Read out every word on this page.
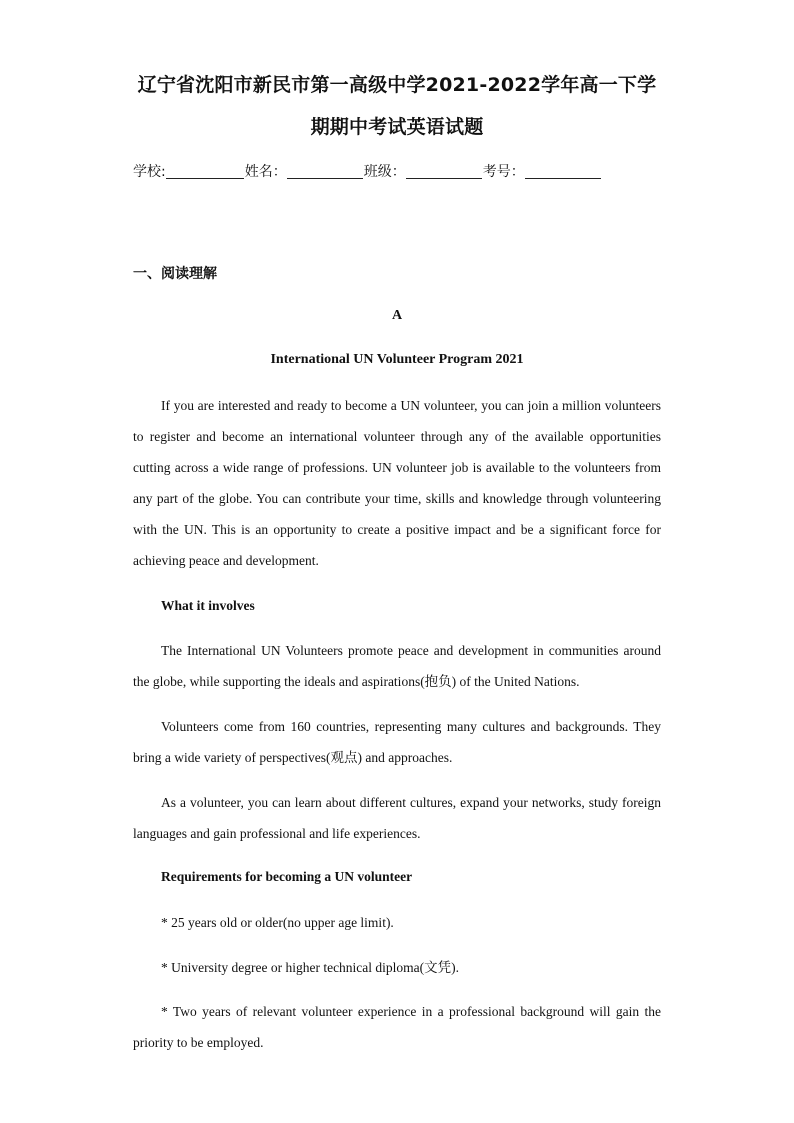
辽宁省沈阳市新民市第一高级中学2021-2022学年高一下学
期期中考试英语试题
学校:	姓名：	班级：	考号：
一、阅读理解
A
International UN Volunteer Program 2021

If you are interested and ready to become a UN volunteer, you can join a million volunteers to register and become an international volunteer through any of the available opportunities cutting across a wide range of professions. UN volunteer job is available to the volunteers from any part of the globe. You can contribute your time, skills and knowledge through volunteering with the UN. This is an opportunity to create a positive impact and be a significant force for achieving peace and development.

What it involves

The International UN Volunteers promote peace and development in communities around the globe, while supporting the ideals and aspirations(抱负) of the United Nations.

Volunteers come from 160 countries, representing many cultures and backgrounds. They bring a wide variety of perspectives(观点) and approaches.

As a volunteer, you can learn about different cultures, expand your networks, study foreign languages and gain professional and life experiences.

Requirements for becoming a UN volunteer
* 25 years old or older(no upper age limit).
* University degree or higher technical diploma(文凭).
* Two years of relevant volunteer experience in a professional background will gain the priority to be employed.
